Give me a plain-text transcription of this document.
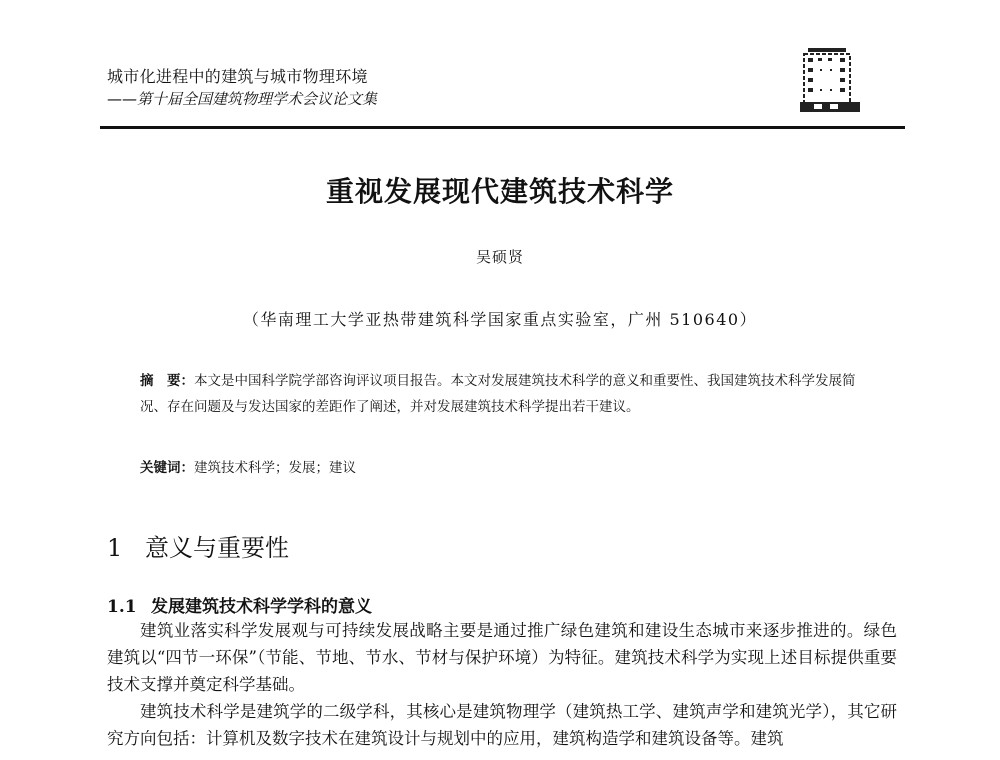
城市化进程中的建筑与城市物理环境
——第十届全国建筑物理学术会议论文集
重视发展现代建筑技术科学
吴硕贤
（华南理工大学亚热带建筑科学国家重点实验室，广州 510640）
摘　要：本文是中国科学院学部咨询评议项目报告。本文对发展建筑技术科学的意义和重要性、我国建筑技术科学发展简况、存在问题及与发达国家的差距作了阐述，并对发展建筑技术科学提出若干建议。
关键词：建筑技术科学；发展；建议
1 意义与重要性
1.1 发展建筑技术科学学科的意义

建筑业落实科学发展观与可持续发展战略主要是通过推广绿色建筑和建设生态城市来逐步推进的。绿色建筑以“四节一环保”（节能、节地、节水、节材与保护环境）为特征。建筑技术科学为实现上述目标提供重要技术支撑并奠定科学基础。

建筑技术科学是建筑学的二级学科，其核心是建筑物理学（建筑热工学、建筑声学和建筑光学），其它研究方向包括：计算机及数字技术在建筑设计与规划中的应用，建筑构造学和建筑设备等。建筑
